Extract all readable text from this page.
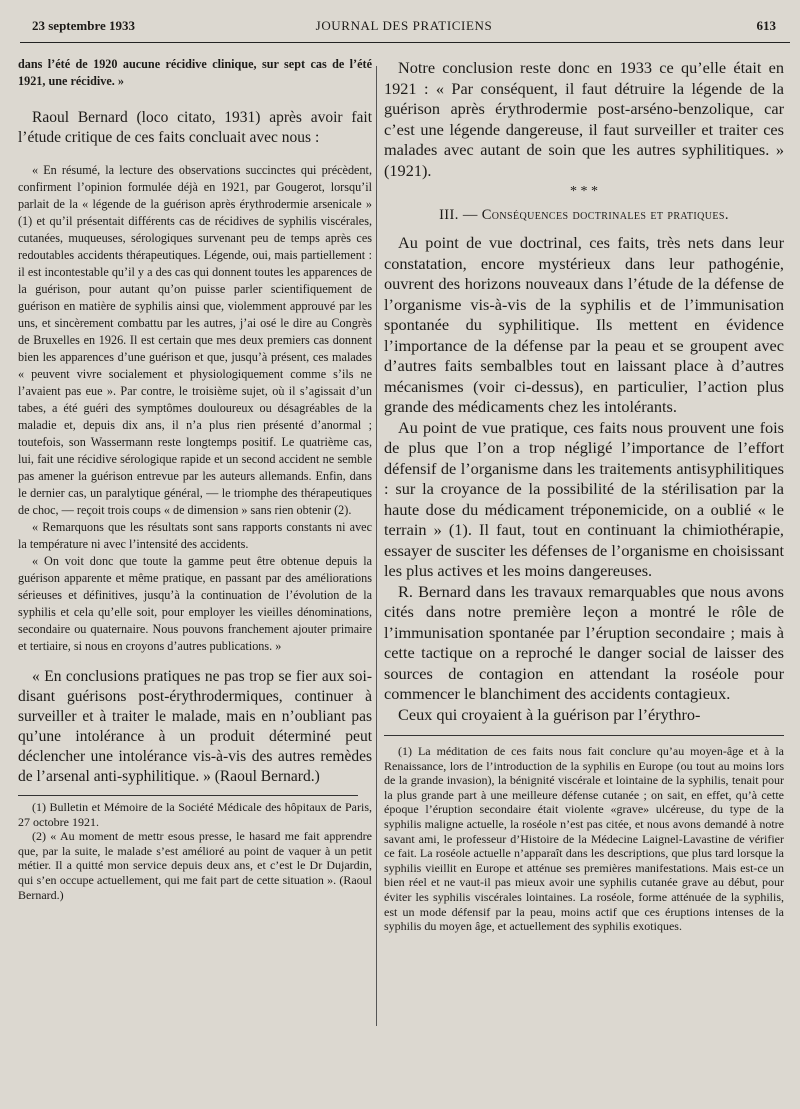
23 septembre 1933	JOURNAL DES PRATICIENS	613

dans l’été de 1920 aucune récidive clinique, sur sept cas de l’été 1921, une récidive. »

Raoul Bernard (loco citato, 1931) après avoir fait l’étude critique de ces faits concluait avec nous :

« En résumé, la lecture des observations succinctes qui précèdent, confirment l’opinion formulée déjà en 1921, par Gougerot, lorsqu’il parlait de la « légende de la guérison après érythrodermie arsenicale » (1) et qu’il présentait différents cas de récidives de syphilis viscérales, cutanées, muqueuses, sérologiques survenant peu de temps après ces redoutables accidents thérapeutiques. Légende, oui, mais partiellement : il est incontestable qu’il y a des cas qui donnent toutes les apparences de la guérison, pour autant qu’on puisse parler scientifiquement de guérison en matière de syphilis ainsi que, violemment approuvé par les uns, et sincèrement combattu par les autres, j’ai osé le dire au Congrès de Bruxelles en 1926. Il est certain que mes deux premiers cas donnent bien les apparences d’une guérison et que, jusqu’à présent, ces malades « peuvent vivre socialement et physiologiquement comme s’ils ne l’avaient pas eue ». Par contre, le troisième sujet, où il s’agissait d’un tabes, a été guéri des symptômes douloureux ou désagréables de la maladie et, depuis dix ans, il n’a plus rien présenté d’anormal ; toutefois, son Wassermann reste longtemps positif. Le quatrième cas, lui, fait une récidive sérologique rapide et un second accident ne semble pas amener la guérison entrevue par les auteurs allemands. Enfin, dans le dernier cas, un paralytique général, — le triomphe des thérapeutiques de choc, — reçoit trois coups « de dimension » sans rien obtenir (2).

« Remarquons que les résultats sont sans rapports constants ni avec la température ni avec l’intensité des accidents.

« On voit donc que toute la gamme peut être obtenue depuis la guérison apparente et même pratique, en passant par des améliorations sérieuses et définitives, jusqu’à la continuation de l’évolution de la syphilis et cela qu’elle soit, pour employer les vieilles dénominations, secondaire ou quaternaire. Nous pouvons franchement ajouter primaire et tertiaire, si nous en croyons d’autres publications. »

« En conclusions pratiques ne pas trop se fier aux soi-disant guérisons post-érythrodermiques, continuer à surveiller et à traiter le malade, mais en n’oubliant pas qu’une intolérance à un produit déterminé peut déclencher une intolérance vis-à-vis des autres remèdes de l’arsenal anti-syphilitique. » (Raoul Bernard.)

(1) Bulletin et Mémoire de la Société Médicale des hôpitaux de Paris, 27 octobre 1921.

(2) « Au moment de mettr esous presse, le hasard me fait apprendre que, par la suite, le malade s’est amélioré au point de vaquer à un petit métier. Il a quitté mon service depuis deux ans, et c’est le Dr Dujardin, qui s’en occupe actuellement, qui me fait part de cette situation ». (Raoul Bernard.)

Notre conclusion reste donc en 1933 ce qu’elle était en 1921 : « Par conséquent, il faut détruire la légende de la guérison après érythrodermie post-arséno-benzolique, car c’est une légende dangereuse, il faut surveiller et traiter ces malades avec autant de soin que les autres syphilitiques. » (1921).

* * *
III. — Conséquences doctrinales et pratiques.

Au point de vue doctrinal, ces faits, très nets dans leur constatation, encore mystérieux dans leur pathogénie, ouvrent des horizons nouveaux dans l’étude de la défense de l’organisme vis-à-vis de la syphilis et de l’immunisation spontanée du syphilitique. Ils mettent en évidence l’importance de la défense par la peau et se groupent avec d’autres faits sembalbles tout en laissant place à d’autres mécanismes (voir ci-dessus), en particulier, l’action plus grande des médicaments chez les intolérants.

Au point de vue pratique, ces faits nous prouvent une fois de plus que l’on a trop négligé l’importance de l’effort défensif de l’organisme dans les traitements antisyphilitiques : sur la croyance de la possibilité de la stérilisation par la haute dose du médicament tréponemicide, on a oublié « le terrain » (1). Il faut, tout en continuant la chimiothérapie, essayer de susciter les défenses de l’organisme en choisissant les plus actives et les moins dangereuses.

R. Bernard dans les travaux remarquables que nous avons cités dans notre première leçon a montré le rôle de l’immunisation spontanée par l’éruption secondaire ; mais à cette tactique on a reproché le danger social de laisser des sources de contagion en attendant la roséole pour commencer le blanchiment des accidents contagieux.

Ceux qui croyaient à la guérison par l’érythro-

(1) La méditation de ces faits nous fait conclure qu’au moyen-âge et à la Renaissance, lors de l’introduction de la syphilis en Europe (ou tout au moins lors de la grande invasion), la bénignité viscérale et lointaine de la syphilis, tenait pour la plus grande part à une meilleure défense cutanée ; on sait, en effet, qu’à cette époque l’éruption secondaire était violente «grave» ulcéreuse, du type de la syphilis maligne actuelle, la roséole n’est pas citée, et nous avons demandé à notre savant ami, le professeur d’Histoire de la Médecine Laignel-Lavastine de vérifier ce fait. La roséole actuelle n’apparaît dans les descriptions, que plus tard lorsque la syphilis vieillit en Europe et atténue ses premières manifestations. Mais est-ce un bien réel et ne vaut-il pas mieux avoir une syphilis cutanée grave au début, pour éviter les syphilis viscérales lointaines. La roséole, forme atténuée de la syphilis, est un mode défensif par la peau, moins actif que ces éruptions intenses de la syphilis du moyen âge, et actuellement des syphilis exotiques.
